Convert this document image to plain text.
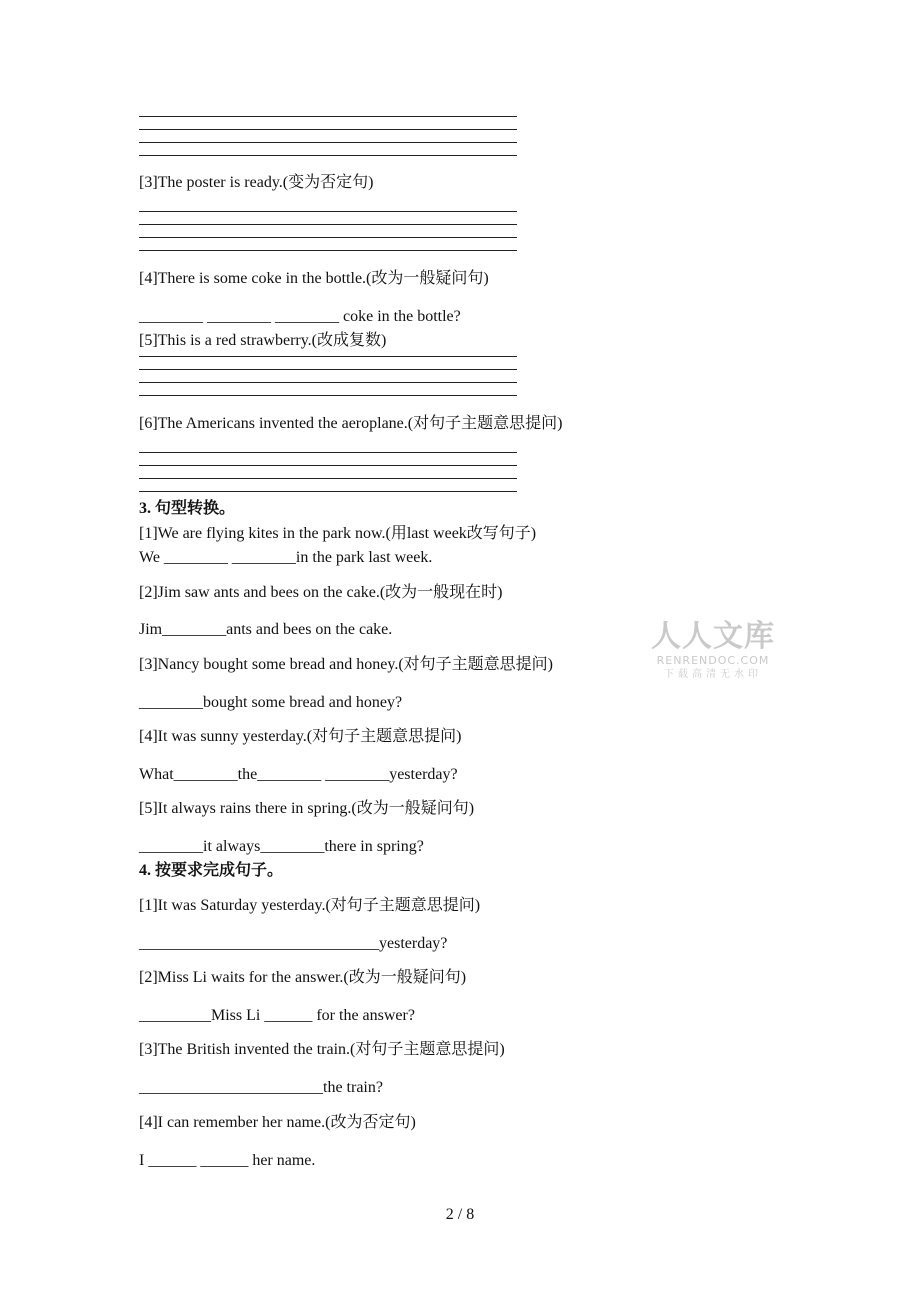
[3]The poster is ready.(变为否定句)
[4]There is some coke in the bottle.(改为一般疑问句)
________ ________ ________ coke in the bottle?
[5]This is a red strawberry.(改成复数)
[6]The Americans invented the aeroplane.(对句子主题意思提问)
3. 句型转换。
[1]We are flying kites in the park now.(用last week改写句子)
We ________ ________in the park last week.
[2]Jim saw ants and bees on the cake.(改为一般现在时)
Jim________ants and bees on the cake.
[3]Nancy bought some bread and honey.(对句子主题意思提问)
________bought some bread and honey?
[4]It was sunny yesterday.(对句子主题意思提问)
What________the________ ________yesterday?
[5]It always rains there in spring.(改为一般疑问句)
________it always________there in spring?
4. 按要求完成句子。
[1]It was Saturday yesterday.(对句子主题意思提问)
______________________________yesterday?
[2]Miss Li waits for the answer.(改为一般疑问句)
_________Miss Li ______ for the answer?
[3]The British invented the train.(对句子主题意思提问)
_______________________the train?
[4]I can remember her name.(改为否定句)
I ______ ______ her name.
人人文库
RENRENDOC.COM
下载高清无水印
2 / 8
